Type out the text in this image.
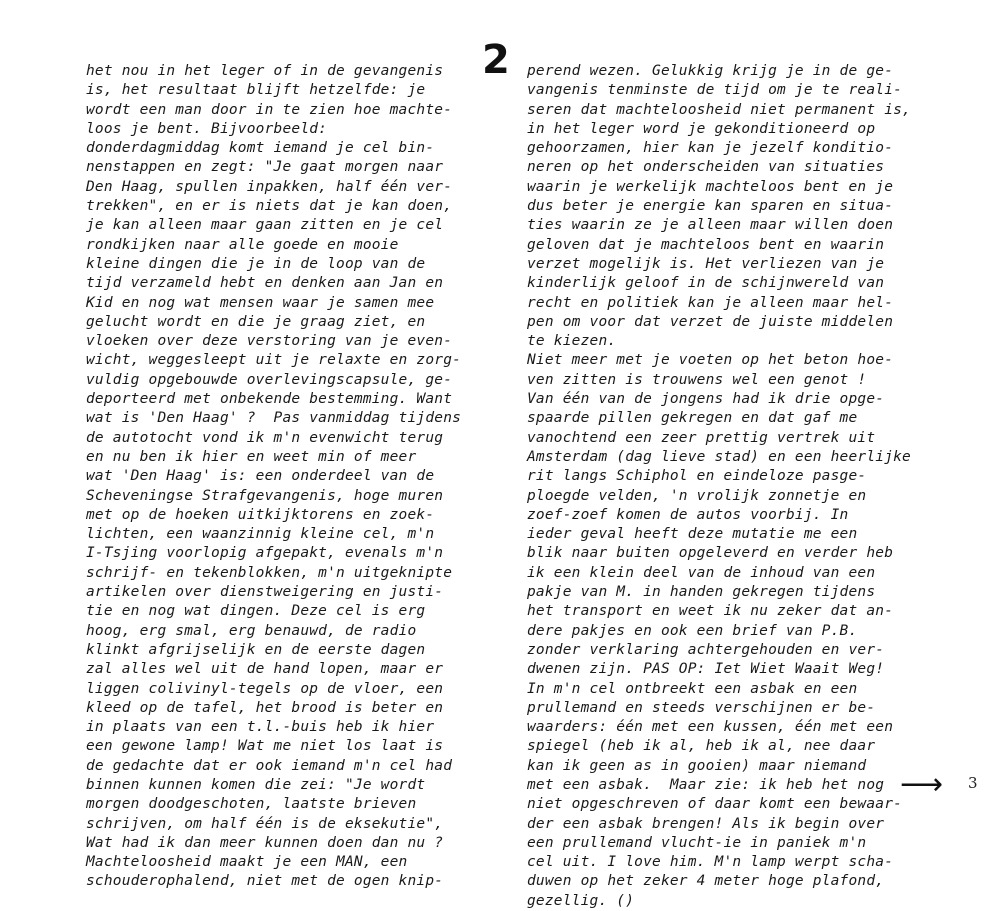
2
het nou in het leger of in de gevangenis
is, het resultaat blijft hetzelfde: je
wordt een man door in te zien hoe machte-
loos je bent. Bijvoorbeeld:
donderdagmiddag komt iemand je cel bin-
nenstappen en zegt: "Je gaat morgen naar
Den Haag, spullen inpakken, half één ver-
trekken", en er is niets dat je kan doen,
je kan alleen maar gaan zitten en je cel
rondkijken naar alle goede en mooie
kleine dingen die je in de loop van de
tijd verzameld hebt en denken aan Jan en
Kid en nog wat mensen waar je samen mee
gelucht wordt en die je graag ziet, en
vloeken over deze verstoring van je even-
wicht, weggesleept uit je relaxte en zorg-
vuldig opgebouwde overlevingscapsule, ge-
deporteerd met onbekende bestemming. Want
wat is 'Den Haag' ?  Pas vanmiddag tijdens
de autotocht vond ik m'n evenwicht terug
en nu ben ik hier en weet min of meer
wat 'Den Haag' is: een onderdeel van de
Scheveningse Strafgevangenis, hoge muren
met op de hoeken uitkijktorens en zoek-
lichten, een waanzinnig kleine cel, m'n
I-Tsjing voorlopig afgepakt, evenals m'n
schrijf- en tekenblokken, m'n uitgeknipte
artikelen over dienstweigering en justi-
tie en nog wat dingen. Deze cel is erg
hoog, erg smal, erg benauwd, de radio
klinkt afgrijselijk en de eerste dagen
zal alles wel uit de hand lopen, maar er
liggen colivinyl-tegels op de vloer, een
kleed op de tafel, het brood is beter en
in plaats van een t.l.-buis heb ik hier
een gewone lamp! Wat me niet los laat is
de gedachte dat er ook iemand m'n cel had
binnen kunnen komen die zei: "Je wordt
morgen doodgeschoten, laatste brieven
schrijven, om half één is de eksekutie",
Wat had ik dan meer kunnen doen dan nu ?
Machteloosheid maakt je een MAN, een
schouderophalend, niet met de ogen knip-
perend wezen. Gelukkig krijg je in de ge-
vangenis tenminste de tijd om je te reali-
seren dat machteloosheid niet permanent is,
in het leger word je gekonditioneerd op
gehoorzamen, hier kan je jezelf konditio-
neren op het onderscheiden van situaties
waarin je werkelijk machteloos bent en je
dus beter je energie kan sparen en situa-
ties waarin ze je alleen maar willen doen
geloven dat je machteloos bent en waarin
verzet mogelijk is. Het verliezen van je
kinderlijk geloof in de schijnwereld van
recht en politiek kan je alleen maar hel-
pen om voor dat verzet de juiste middelen
te kiezen.
Niet meer met je voeten op het beton hoe-
ven zitten is trouwens wel een genot !
Van één van de jongens had ik drie opge-
spaarde pillen gekregen en dat gaf me
vanochtend een zeer prettig vertrek uit
Amsterdam (dag lieve stad) en een heerlijke
rit langs Schiphol en eindeloze pasge-
ploegde velden, 'n vrolijk zonnetje en
zoef-zoef komen de autos voorbij. In
ieder geval heeft deze mutatie me een
blik naar buiten opgeleverd en verder heb
ik een klein deel van de inhoud van een
pakje van M. in handen gekregen tijdens
het transport en weet ik nu zeker dat an-
dere pakjes en ook een brief van P.B.
zonder verklaring achtergehouden en ver-
dwenen zijn. PAS OP: Iet Wiet Waait Weg!
In m'n cel ontbreekt een asbak en een
prullemand en steeds verschijnen er be-
waarders: één met een kussen, één met een
spiegel (heb ik al, heb ik al, nee daar
kan ik geen as in gooien) maar niemand
met een asbak.  Maar zie: ik heb het nog
niet opgeschreven of daar komt een bewaar-
der een asbak brengen! Als ik begin over
een prullemand vlucht-ie in paniek m'n
cel uit. I love him. M'n lamp werpt scha-
duwen op het zeker 4 meter hoge plafond,
gezellig. ()
⟶ 3
